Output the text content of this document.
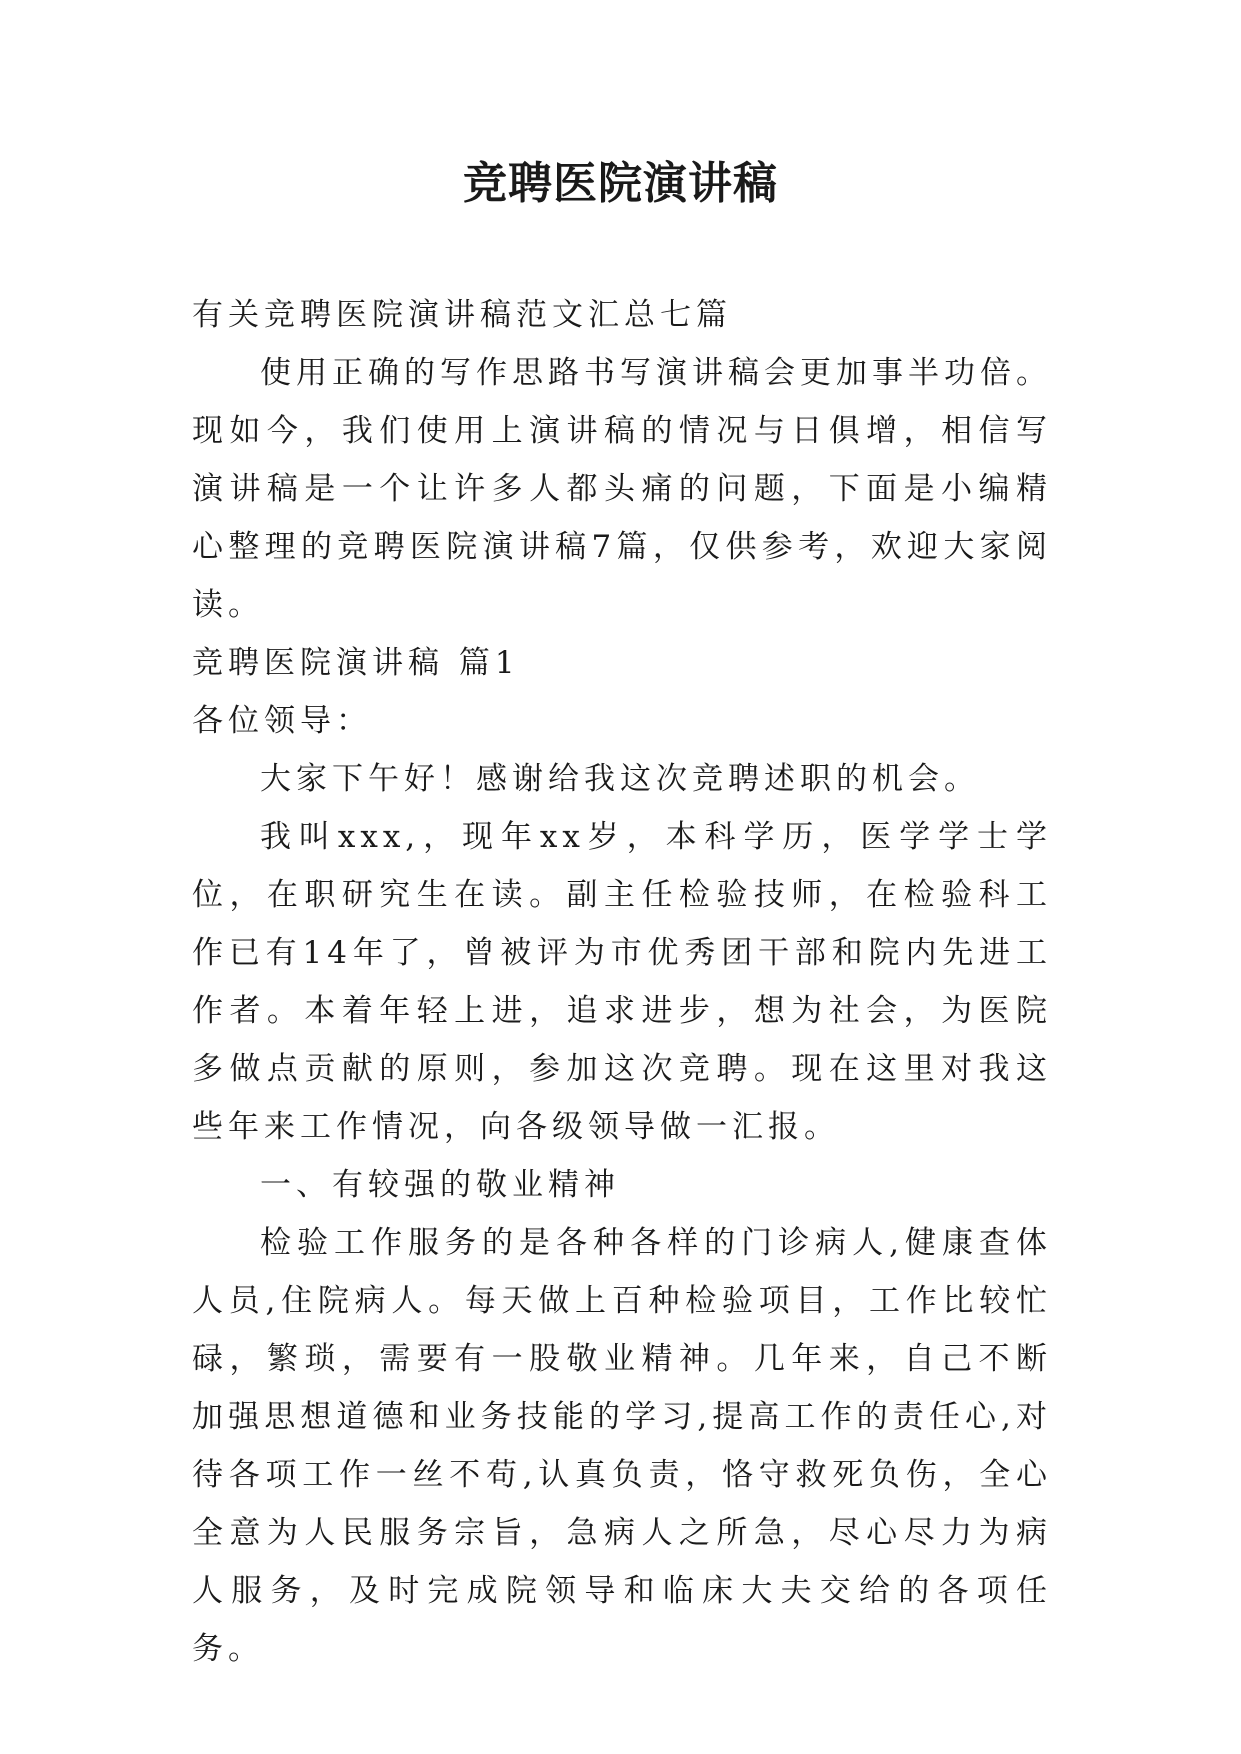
竞聘医院演讲稿

有关竞聘医院演讲稿范文汇总七篇

使用正确的写作思路书写演讲稿会更加事半功倍。现如今，我们使用上演讲稿的情况与日俱增，相信写演讲稿是一个让许多人都头痛的问题，下面是小编精心整理的竞聘医院演讲稿7篇，仅供参考，欢迎大家阅读。

竞聘医院演讲稿 篇1

各位领导：

大家下午好！感谢给我这次竞聘述职的机会。

我叫xxx,，现年xx岁，本科学历，医学学士学位，在职研究生在读。副主任检验技师，在检验科工作已有14年了，曾被评为市优秀团干部和院内先进工作者。本着年轻上进，追求进步，想为社会，为医院多做点贡献的原则，参加这次竞聘。现在这里对我这些年来工作情况，向各级领导做一汇报。

一、有较强的敬业精神

检验工作服务的是各种各样的门诊病人,健康查体人员,住院病人。每天做上百种检验项目，工作比较忙碌，繁琐，需要有一股敬业精神。几年来，自己不断加强思想道德和业务技能的学习,提高工作的责任心,对待各项工作一丝不苟,认真负责，恪守救死负伤，全心全意为人民服务宗旨，急病人之所急，尽心尽力为病人服务，及时完成院领导和临床大夫交给的各项任务。
